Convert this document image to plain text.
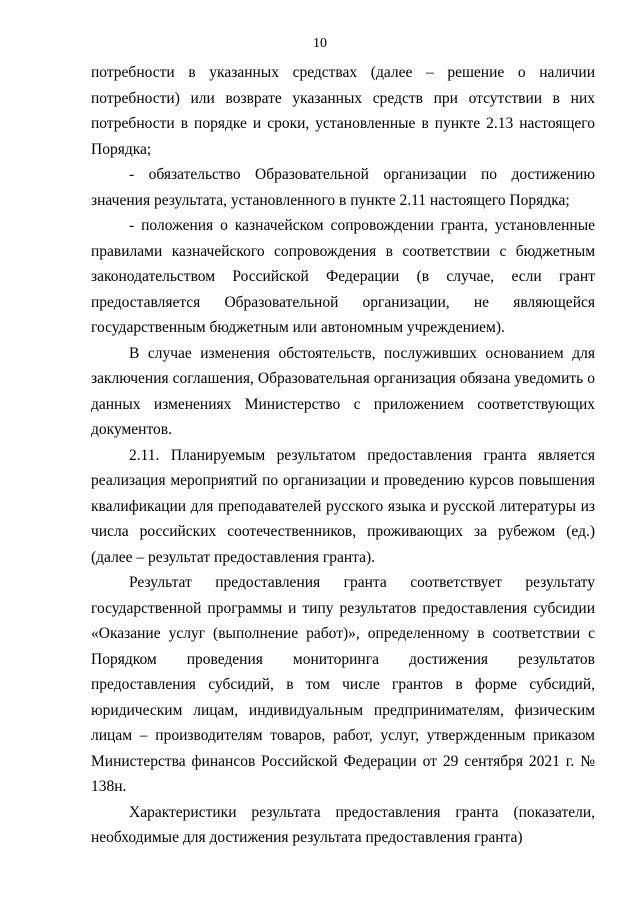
10

потребности в указанных средствах (далее – решение о наличии потребности) или возврате указанных средств при отсутствии в них потребности в порядке и сроки, установленные в пункте 2.13 настоящего Порядка;

- обязательство Образовательной организации по достижению значения результата, установленного в пункте 2.11 настоящего Порядка;

- положения о казначейском сопровождении гранта, установленные правилами казначейского сопровождения в соответствии с бюджетным законодательством Российской Федерации (в случае, если грант предоставляется Образовательной организации, не являющейся государственным бюджетным или автономным учреждением).

В случае изменения обстоятельств, послуживших основанием для заключения соглашения, Образовательная организация обязана уведомить о данных изменениях Министерство с приложением соответствующих документов.

2.11. Планируемым результатом предоставления гранта является реализация мероприятий по организации и проведению курсов повышения квалификации для преподавателей русского языка и русской литературы из числа российских соотечественников, проживающих за рубежом (ед.) (далее – результат предоставления гранта).

Результат предоставления гранта соответствует результату государственной программы и типу результатов предоставления субсидии «Оказание услуг (выполнение работ)», определенному в соответствии с Порядком проведения мониторинга достижения результатов предоставления субсидий, в том числе грантов в форме субсидий, юридическим лицам, индивидуальным предпринимателям, физическим лицам – производителям товаров, работ, услуг, утвержденным приказом Министерства финансов Российской Федерации от 29 сентября 2021 г. № 138н.

Характеристики результата предоставления гранта (показатели, необходимые для достижения результата предоставления гранта)
